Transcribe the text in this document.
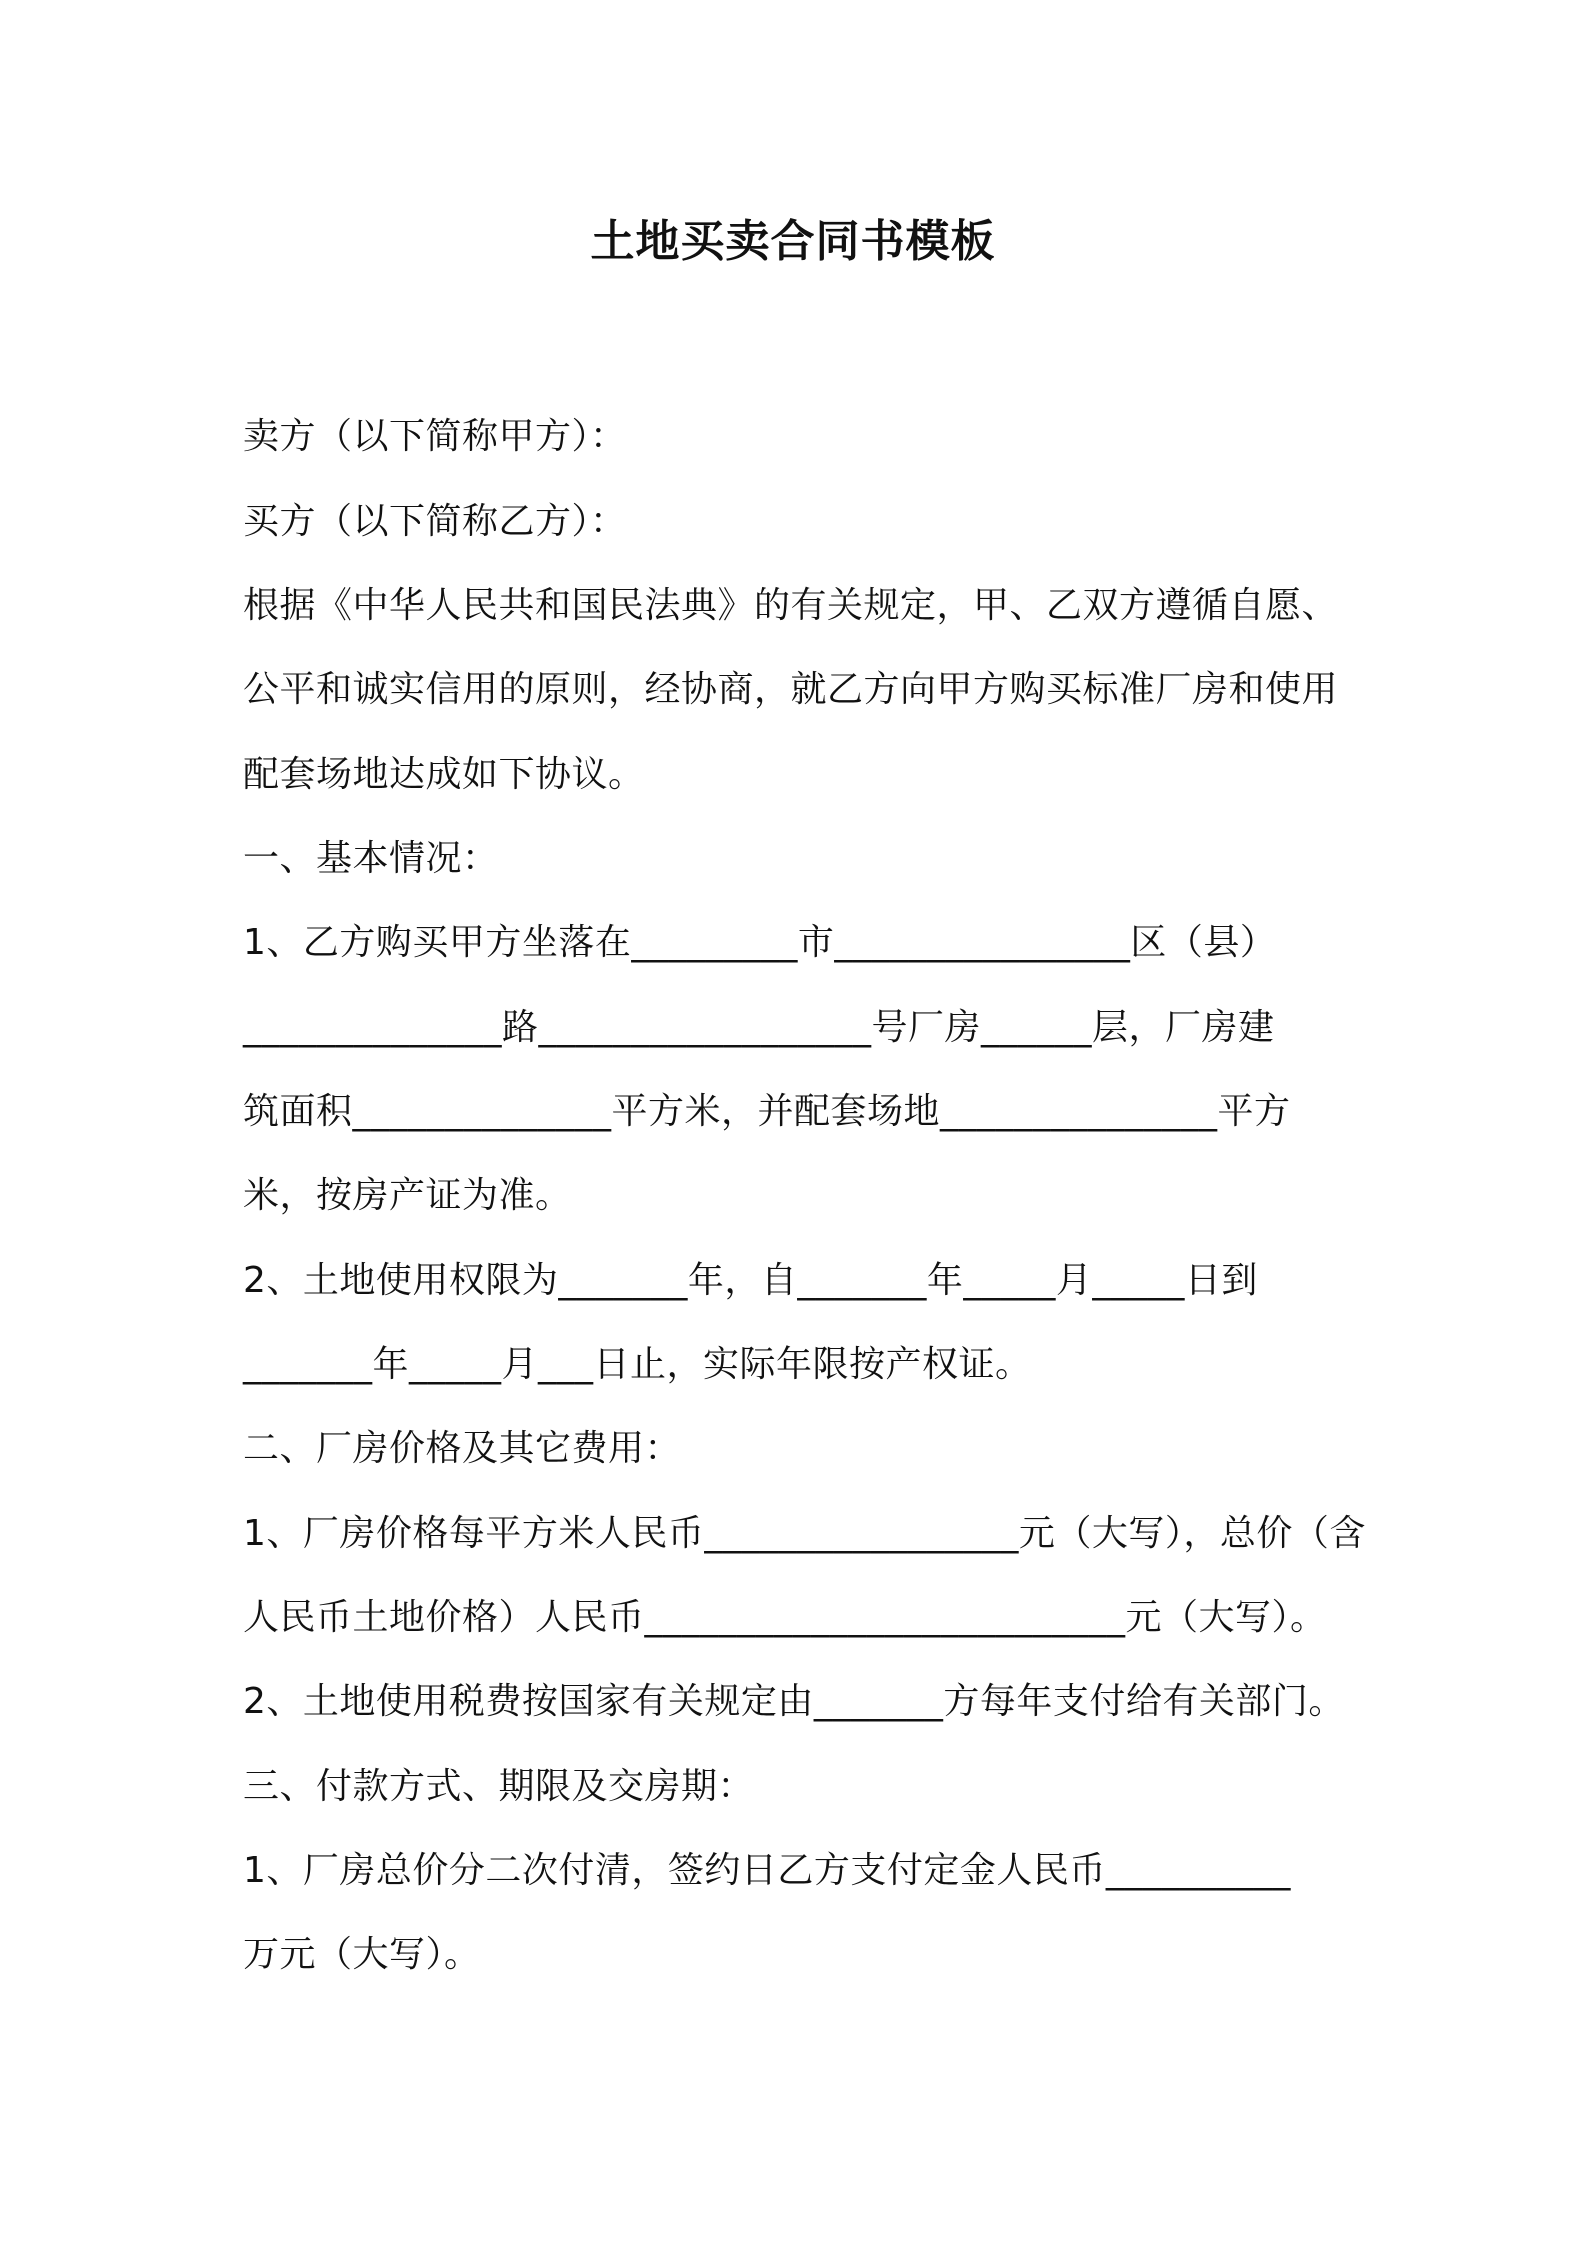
土地买卖合同书模板
卖方（以下简称甲方）：
买方（以下简称乙方）：
根据《中华人民共和国民法典》的有关规定，甲、乙双方遵循自愿、
公平和诚实信用的原则，经协商，就乙方向甲方购买标准厂房和使用
配套场地达成如下协议。
一、基本情况：
1、乙方购买甲方坐落在_________市________________区（县）
______________路__________________号厂房______层，厂房建
筑面积______________平方米，并配套场地_______________平方
米，按房产证为准。
2、土地使用权限为_______年，自_______年_____月_____日到
_______年_____月___日止，实际年限按产权证。
二、厂房价格及其它费用：
1、厂房价格每平方米人民币_________________元（大写），总价（含
人民币土地价格）人民币__________________________元（大写）。
2、土地使用税费按国家有关规定由_______方每年支付给有关部门。
三、付款方式、期限及交房期：
1、厂房总价分二次付清，签约日乙方支付定金人民币__________
万元（大写）。
